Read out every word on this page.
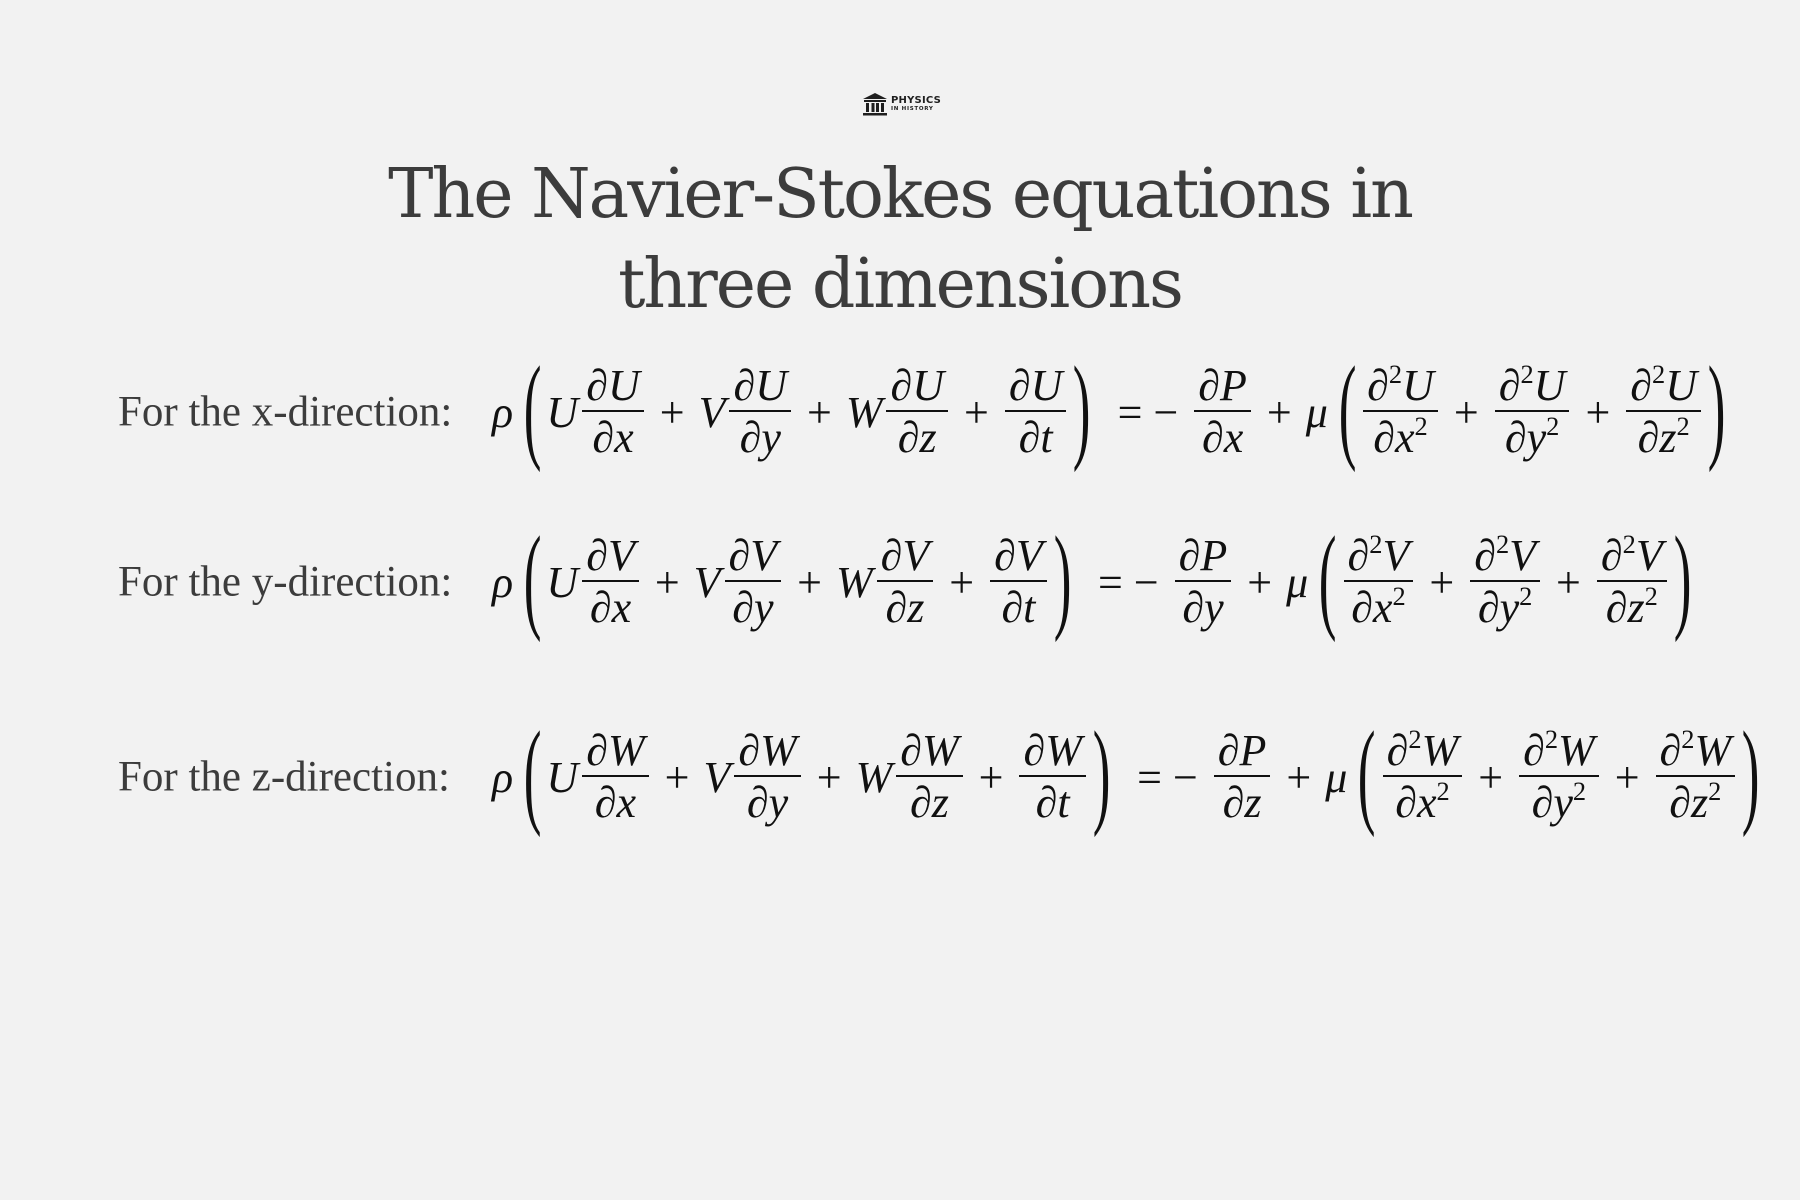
PHYSICS
IN HISTORY
The Navier-Stokes equations in three dimensions
For the x-direction: ρ ( U $\frac{\partial U}{\partial x} + V \frac{\partial U}{\partial y} + W \frac{\partial U}{\partial z} + \frac{\partial U}{\partial t}$ ) = − $\frac{\partial P}{\partial x} + \mu$ ( $\frac{\partial^2U}{\partial x^2} + \frac{\partial^2U}{\partial y^2} + \frac{\partial^2U}{\partial z^2}$ )
For the y-direction: ρ ( U $\frac{\partial V}{\partial x} + V \frac{\partial V}{\partial y} + W \frac{\partial V}{\partial z} + \frac{\partial V}{\partial t}$ ) = − $\frac{\partial P}{\partial y} + \mu$ ( $\frac{\partial^2V}{\partial x^2} + \frac{\partial^2V}{\partial y^2} + \frac{\partial^2V}{\partial z^2}$ )
For the z-direction: ρ ( U $\frac{\partial W}{\partial x} + V \frac{\partial W}{\partial y} + W \frac{\partial W}{\partial z} + \frac{\partial W}{\partial t}$ ) = − $\frac{\partial P}{\partial z} + \mu$ ( $\frac{\partial^2W}{\partial x^2} + \frac{\partial^2W}{\partial y^2} + \frac{\partial^2W}{\partial z^2}$ )
